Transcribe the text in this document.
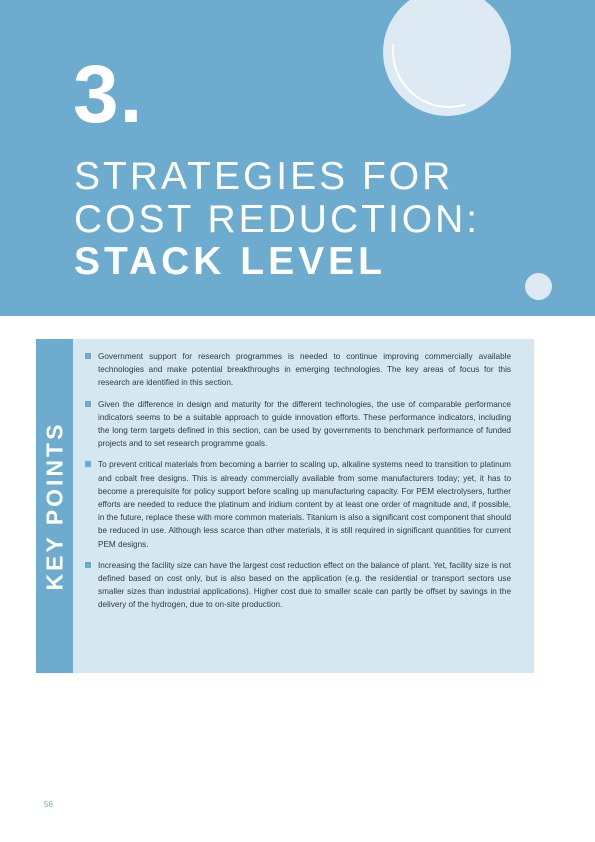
3.
STRATEGIES FOR
COST REDUCTION:
STACK LEVEL
KEY POINTS
Government support for research programmes is needed to continue improving commercially available technologies and make potential breakthroughs in emerging technologies. The key areas of focus for this research are identified in this section.
Given the difference in design and maturity for the different technologies, the use of comparable performance indicators seems to be a suitable approach to guide innovation efforts. These performance indicators, including the long term targets defined in this section, can be used by governments to benchmark performance of funded projects and to set research programme goals.
To prevent critical materials from becoming a barrier to scaling up, alkaline systems need to transition to platinum and cobalt free designs. This is already commercially available from some manufacturers today; yet, it has to become a prerequisite for policy support before scaling up manufacturing capacity. For PEM electrolysers, further efforts are needed to reduce the platinum and iridium content by at least one order of magnitude and, if possible, in the future, replace these with more common materials. Titanium is also a significant cost component that should be reduced in use. Although less scarce than other materials, it is still required in significant quantities for current PEM designs.
Increasing the facility size can have the largest cost reduction effect on the balance of plant. Yet, facility size is not defined based on cost only, but is also based on the application (e.g. the residential or transport sectors use smaller sizes than industrial applications). Higher cost due to smaller scale can partly be offset by savings in the delivery of the hydrogen, due to on-site production.
56
